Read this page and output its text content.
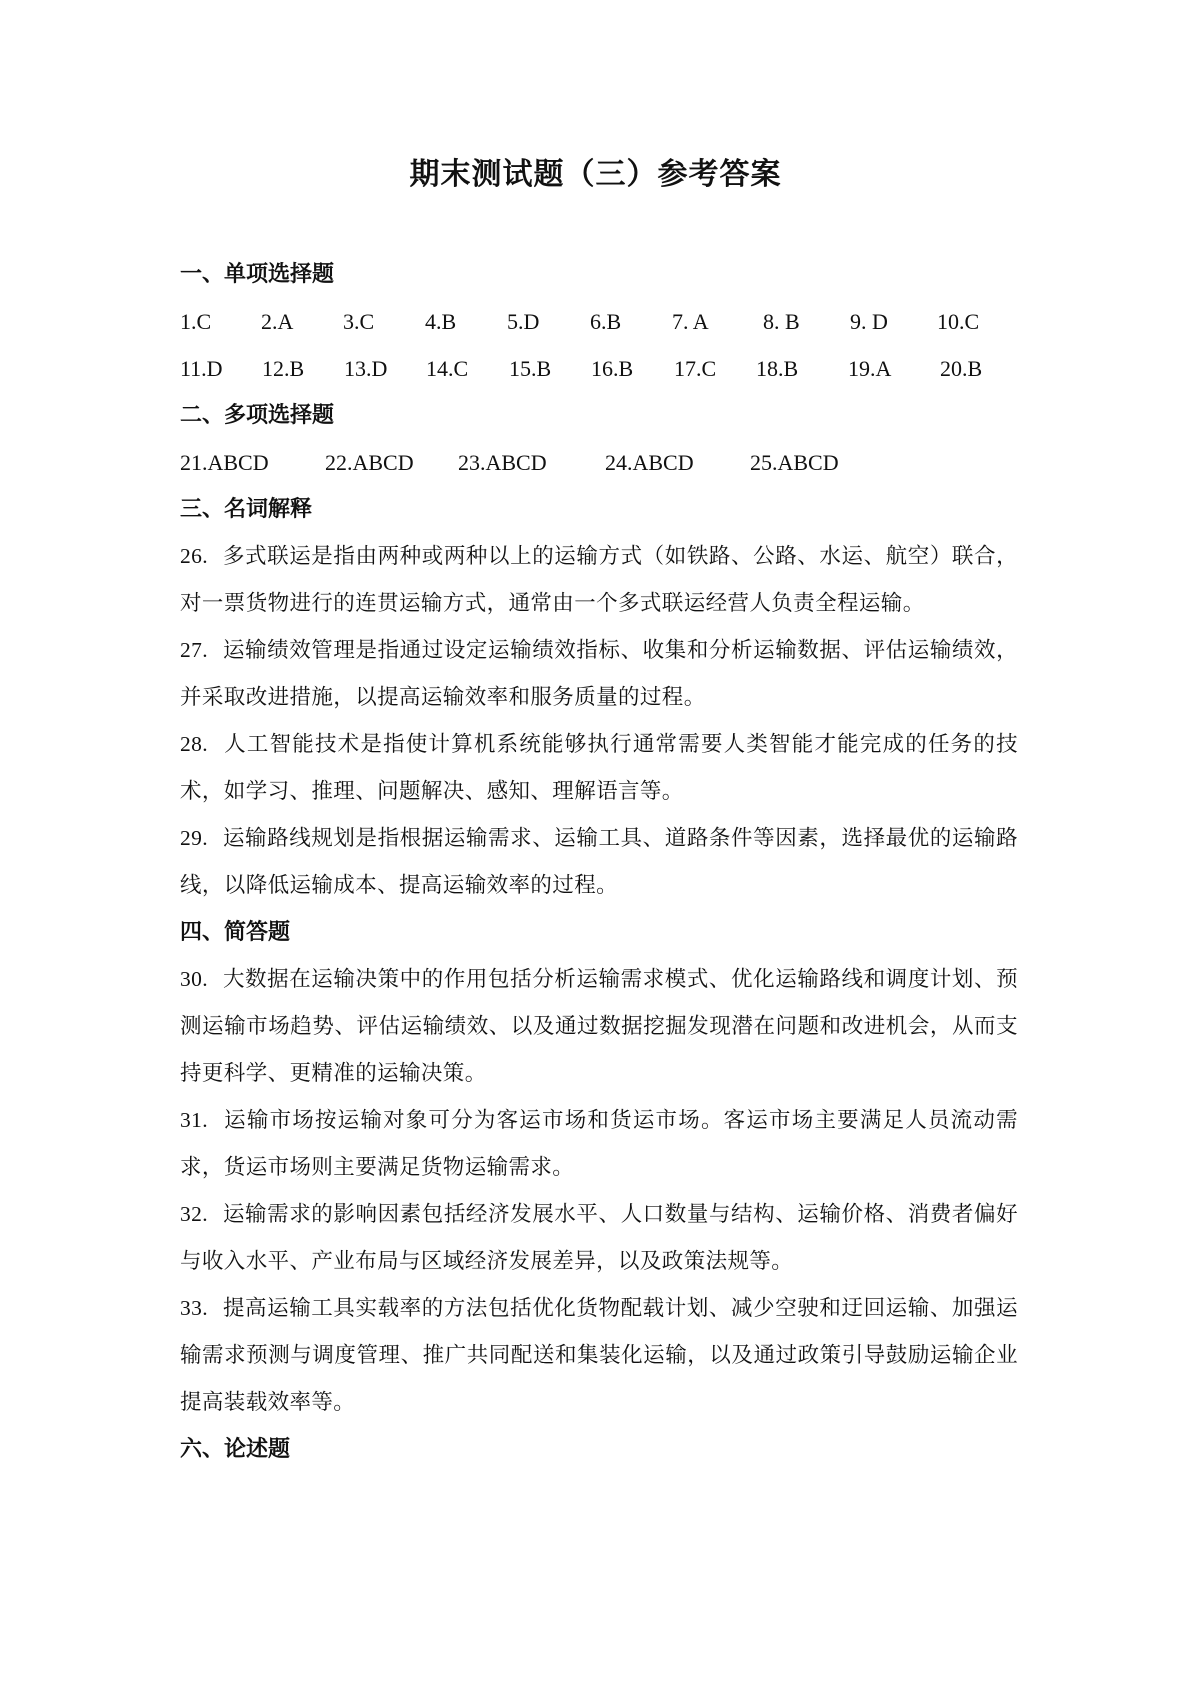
期末测试题（三）参考答案
一、单项选择题
1.C 2.A 3.C 4.B 5.D 6.B 7. A 8. B 9. D 10.C
11.D 12.B 13.D 14.C 15.B 16.B 17.C 18.B 19.A 20.B
二、多项选择题
21.ABCD	22.ABCD 23.ABCD	24.ABCD	25.ABCD
三、名词解释
26. 多式联运是指由两种或两种以上的运输方式（如铁路、公路、水运、航空）联合，对一票货物进行的连贯运输方式，通常由一个多式联运经营人负责全程运输。
27. 运输绩效管理是指通过设定运输绩效指标、收集和分析运输数据、评估运输绩效，并采取改进措施，以提高运输效率和服务质量的过程。
28. 人工智能技术是指使计算机系统能够执行通常需要人类智能才能完成的任务的技术，如学习、推理、问题解决、感知、理解语言等。
29. 运输路线规划是指根据运输需求、运输工具、道路条件等因素，选择最优的运输路线，以降低运输成本、提高运输效率的过程。
四、简答题
30. 大数据在运输决策中的作用包括分析运输需求模式、优化运输路线和调度计划、预测运输市场趋势、评估运输绩效、以及通过数据挖掘发现潜在问题和改进机会，从而支持更科学、更精准的运输决策。
31. 运输市场按运输对象可分为客运市场和货运市场。客运市场主要满足人员流动需求，货运市场则主要满足货物运输需求。
32. 运输需求的影响因素包括经济发展水平、人口数量与结构、运输价格、消费者偏好与收入水平、产业布局与区域经济发展差异，以及政策法规等。
33. 提高运输工具实载率的方法包括优化货物配载计划、减少空驶和迂回运输、加强运输需求预测与调度管理、推广共同配送和集装化运输，以及通过政策引导鼓励运输企业提高装载效率等。
六、论述题
